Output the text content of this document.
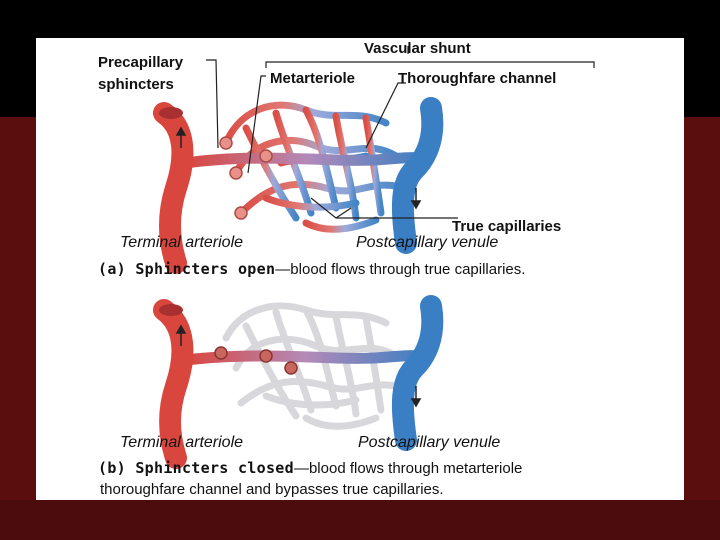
Precapillary
sphincters
Vascular shunt
Metarteriole	Thoroughfare channel
True capillaries
Terminal arteriole	Postcapillary venule
(a) Sphincters open—blood flows through true capillaries.
Terminal arteriole	Postcapillary venule
(b) Sphincters closed—blood flows through metarteriole
thoroughfare channel and bypasses true capillaries.
